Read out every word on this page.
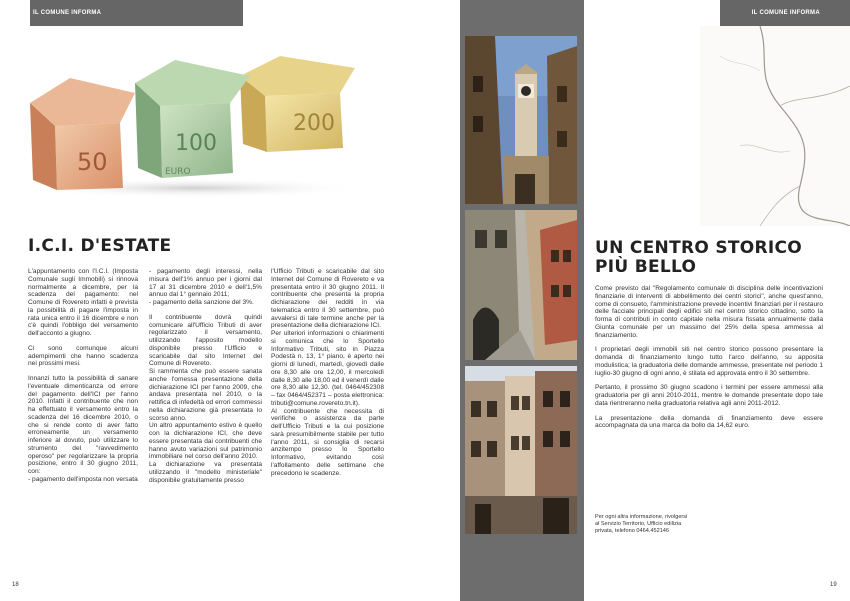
IL COMUNE INFORMA
200
100
EURO
50
I.C.I. D'ESTATE

L'appuntamento con l'I.C.I. (Imposta Comunale sugli Immobili) si rinnova normalmente a dicembre, per la scadenza del pagamento: nel Comune di Rovereto infatti è prevista la possibilità di pagare l'imposta in rata unica entro il 16 dicembre e non c'è quindi l'obbligo del versamento dell'acconto a giugno.

Ci sono comunque alcuni adempimenti che hanno scadenza nei prossimi mesi.

Innanzi tutto la possibilità di sanare l'eventuale dimenticanza od errore del pagamento dell'ICI per l'anno 2010. Infatti il contribuente che non ha effettuato il versamento entro la scadenza del 16 dicembre 2010, o che si rende conto di aver fatto erroneamente un versamento inferiore al dovuto, può utilizzare lo strumento del "ravvedimento operoso" per regolarizzare la propria posizione, entro il 30 giugno 2011, con:

- pagamento dell'imposta non versata

- pagamento degli interessi, nella misura dell'1% annuo per i giorni dal 17 al 31 dicembre 2010 e dell'1,5% annuo dal 1° gennaio 2011;

- pagamento della sanzione del 3%.

Il contribuente dovrà quindi comunicare all'Ufficio Tributi di aver regolarizzato il versamento, utilizzando l'apposito modello disponibile presso l'Ufficio e scaricabile dal sito Internet del Comune di Rovereto.

Si rammenta che può essere sanata anche l'omessa presentazione della dichiarazione ICI per l'anno 2009, che andava presentata nel 2010, o la rettifica di infedeltà od errori commessi nella dichiarazione già presentata lo scorso anno.

Un altro appuntamento estivo è quello con la dichiarazione ICI, che deve essere presentata dai contribuenti che hanno avuto variazioni sul patrimonio immobiliare nel corso dell'anno 2010.

La dichiarazione va presentata utilizzando il "modello ministeriale" disponibile gratuitamente presso

l'Ufficio Tributi e scaricabile dal sito Internet del Comune di Rovereto e va presentata entro il 30 giugno 2011. Il contribuente che presenta la propria dichiarazione dei redditi in via telematica entro il 30 settembre, può avvalersi di tale termine anche per la presentazione della dichiarazione ICI.

Per ulteriori informazioni o chiarimenti si comunica che lo Sportello Informativo Tributi, sito in Piazza Podestà n. 13, 1° piano, è aperto nei giorni di lunedì, martedì, giovedì dalle ore 8,30 alle ore 12,00, il mercoledì dalle 8,30 alle 18,00 ed il venerdì dalle ore 8,30 alle 12,30. (tel. 0464/452308 – fax 0464/452371 – posta elettronica: tributi@comune.rovereto.tn.it).

Al contribuente che necessita di verifiche o assistenza da parte dell'Ufficio Tributi e la cui posizione sarà presumibilmente stabile per tutto l'anno 2011, si consiglia di recarsi anzitempo presso lo Sportello Informativo, evitando così l'affollamento delle settimane che precedono le scadenze.

18
IL COMUNE INFORMA
UN CENTRO STORICO
PIÙ BELLO

Come previsto dal "Regolamento comunale di disciplina delle incentivazioni finanziarie di interventi di abbellimento dei centri storici", anche quest'anno, come di consueto, l'amministrazione prevede incentivi finanziari per il restauro delle facciate principali degli edifici siti nel centro storico cittadino, sotto la forma di contributi in conto capitale nella misura fissata annualmente dalla Giunta comunale per un massimo del 25% della spesa ammessa al finanziamento.

I proprietari degli immobili siti nel centro storico possono presentare la domanda di finanziamento lungo tutto l'arco dell'anno, su apposita modulistica; la graduatoria delle domande ammesse, presentate nel periodo 1 luglio-30 giugno di ogni anno, è stilata ed approvata entro il 30 settembre.

Pertanto, il prossimo 30 giugno scadono i termini per essere ammessi alla graduatoria per gli anni 2010-2011, mentre le domande presentate dopo tale data rientreranno nella graduatoria relativa agli anni 2011-2012.

La presentazione della domanda di finanziamento deve essere accompagnata da una marca da bollo da 14,62 euro.

Per ogni altra informazione, rivolgersi
al Servizio Territorio, Ufficio edilizia
privata, telefono 0464.452146
19
